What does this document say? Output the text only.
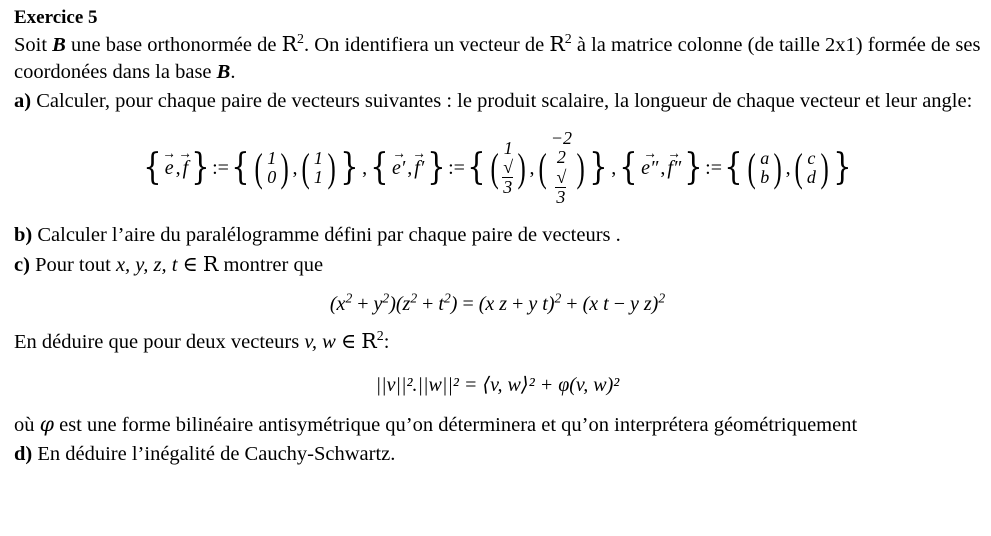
Exercice 5

Soit B une base orthonormée de $R^2$. On identifiera un vecteur de $R^2$ à la matrice colonne (de taille 2x1) formée de ses coordonées dans la base B.

a) Calculer, pour chaque paire de vecteurs suivantes : le produit scalaire, la longueur de chaque vecteur et leur angle:

{ e → , f → } := { ( 1
0 ) , ( 1
1 ) } , { e′ → , f′ → } := { ( 1
√
3 ) , (
−2
2
√
3
) } , { e″ → , f″ → } := { ( a
b ) , ( c
d ) }

b) Calculer l’aire du paralélogramme défini par chaque paire de vecteurs .

c) Pour tout x, y, z, t ∈ R montrer que

$(x^2 + y^2)(z^2 + t^2) = (x$ z + y t)$^2$ + (x t − y z)$^2$

En déduire que pour deux vecteurs v, w ∈ $R^2$:

||v||².||w||² = ⟨v, w⟩² + φ(v, w)²

où φ est une forme bilinéaire antisymétrique qu’on déterminera et qu’on interprétera géométriquement

d) En déduire l’inégalité de Cauchy-Schwartz.
